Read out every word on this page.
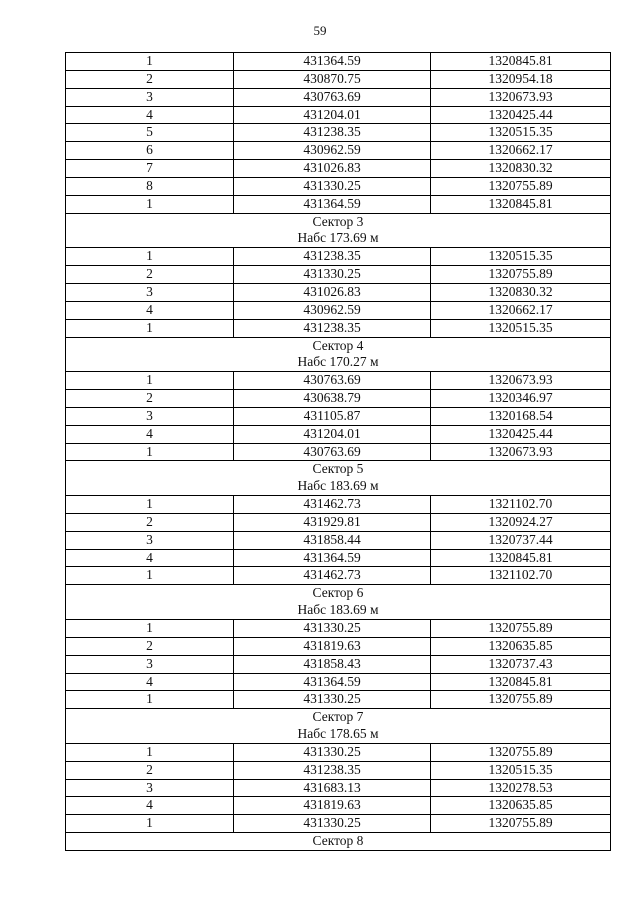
59
1	431364.59	1320845.81
2	430870.75	1320954.18
3	430763.69	1320673.93
4	431204.01	1320425.44
5	431238.35	1320515.35
6	430962.59	1320662.17
7	431026.83	1320830.32
8	431330.25	1320755.89
1	431364.59	1320845.81
Сектор 3		
Набс 173.69 м		
1	431238.35	1320515.35
2	431330.25	1320755.89
3	431026.83	1320830.32
4	430962.59	1320662.17
1	431238.35	1320515.35
Сектор 4		
Набс 170.27 м		
1	430763.69	1320673.93
2	430638.79	1320346.97
3	431105.87	1320168.54
4	431204.01	1320425.44
1	430763.69	1320673.93
Сектор 5		
Набс 183.69 м		
1	431462.73	1321102.70
2	431929.81	1320924.27
3	431858.44	1320737.44
4	431364.59	1320845.81
1	431462.73	1321102.70
Сектор 6		
Набс 183.69 м		
1	431330.25	1320755.89
2	431819.63	1320635.85
3	431858.43	1320737.43
4	431364.59	1320845.81
1	431330.25	1320755.89
Сектор 7		
Набс 178.65 м		
1	431330.25	1320755.89
2	431238.35	1320515.35
3	431683.13	1320278.53
4	431819.63	1320635.85
1	431330.25	1320755.89
Сектор 8		
